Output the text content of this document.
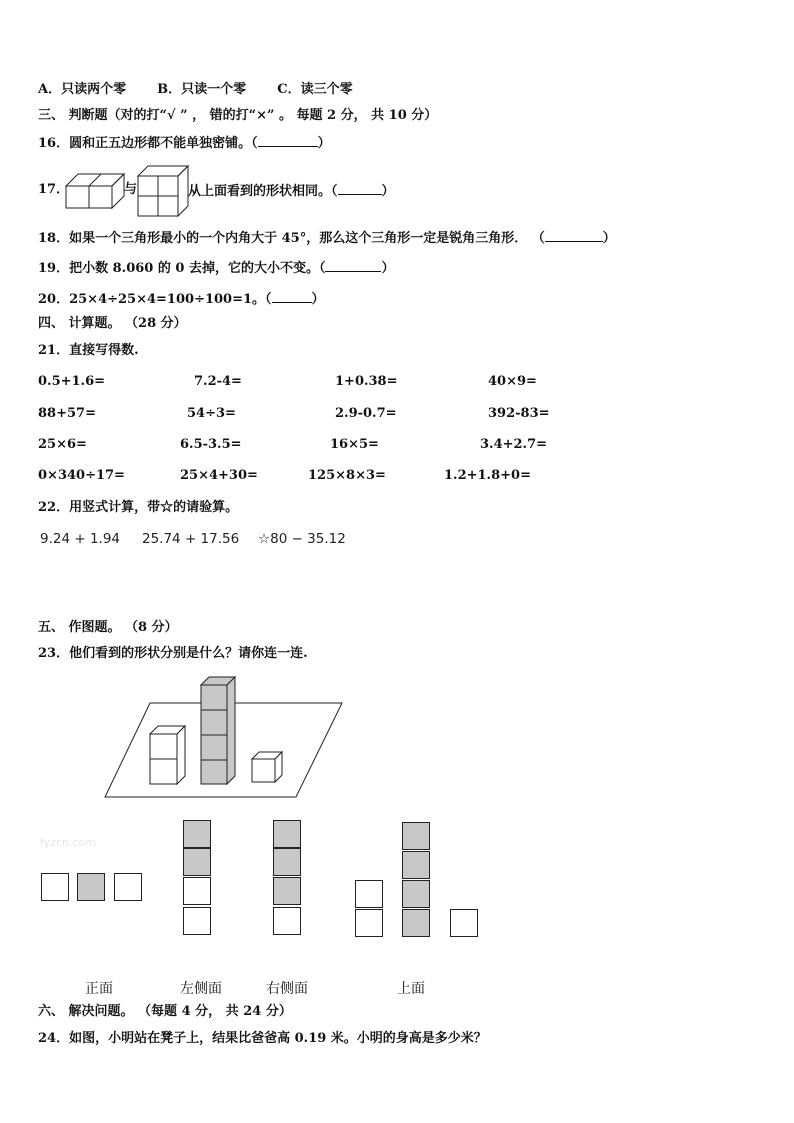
A．只读两个零 B．只读一个零 C．读三个零
三、 判断题（对的打“√ ” ， 错的打“×” 。 每题 2 分， 共 10 分）
16．圆和正五边形都不能单独密铺。（	）
17．	与	从上面看到的形状相同。（	）
18．如果一个三角形最小的一个内角大于 45°，那么这个三角形一定是锐角三角形． （	）
19．把小数 8.060 的 0 去掉，它的大小不变。（	）
20．25×4÷25×4=100÷100=1。（	）
四、 计算题。 （28 分）
21．直接写得数.
0.5+1.6=	7.2-4=	1+0.38=	40×9=
88+57=	54÷3=	2.9-0.7=	392-83=
25×6=	6.5-3.5=	16×5=	3.4+2.7=
0×340÷17=	25×4+30=	125×8×3=	1.2+1.8+0=
22．用竖式计算，带☆的请验算。
9.24 + 1.94 25.74 + 17.56 ☆80 − 35.12
五、 作图题。 （8 分）
23．他们看到的形状分别是什么？请你连一连.
fyzcn.com
正面	左侧面	右侧面	上面
六、 解决问题。 （每题 4 分， 共 24 分）
24．如图，小明站在凳子上，结果比爸爸高 0.19 米。小明的身高是多少米？
